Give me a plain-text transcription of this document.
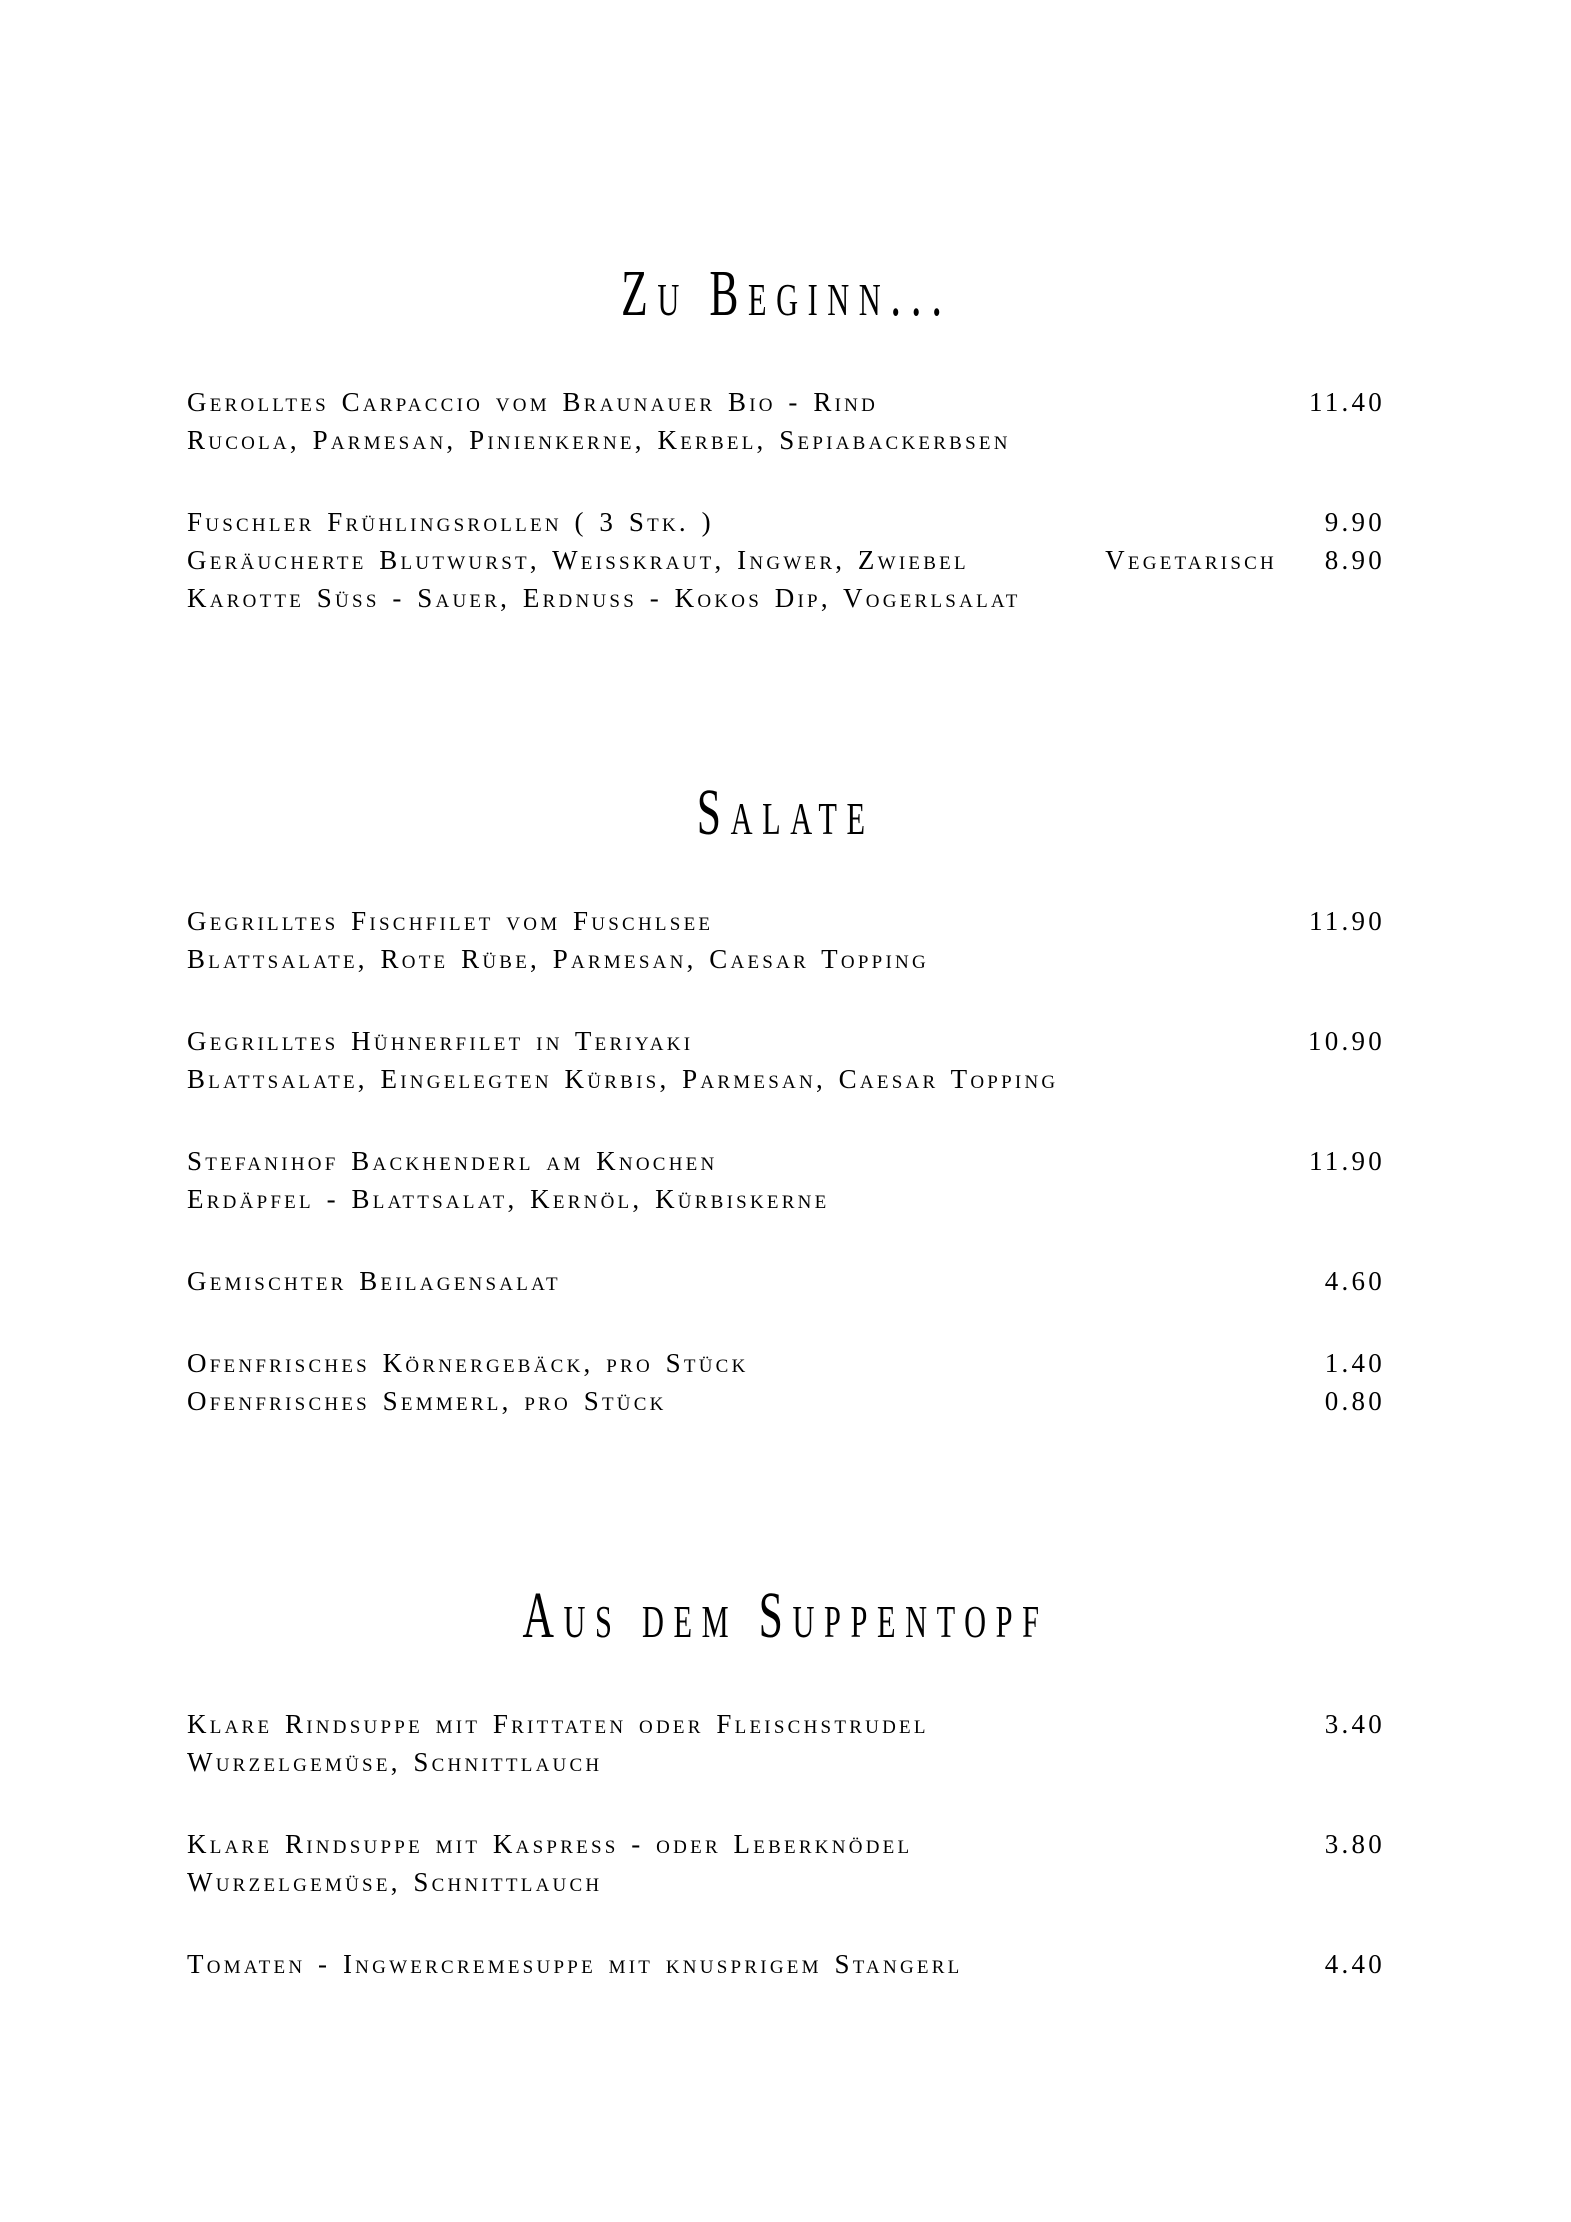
Zu Beginn...
Gerolltes Carpaccio vom Braunauer Bio - Rind	11.40
Rucola, Parmesan, Pinienkerne, Kerbel, Sepiabackerbsen
Fuschler Frühlingsrollen ( 3 Stk. )	9.90
Geräucherte Blutwurst, Weisskraut, Ingwer, Zwiebel	Vegetarisch	8.90
Karotte Süss - Sauer, Erdnuss - Kokos Dip, Vogerlsalat
Salate
Gegrilltes Fischfilet vom Fuschlsee	11.90
Blattsalate, Rote Rübe, Parmesan, Caesar Topping
Gegrilltes Hühnerfilet in Teriyaki	10.90
Blattsalate, Eingelegten Kürbis, Parmesan, Caesar Topping
Stefanihof Backhenderl am Knochen	11.90
Erdäpfel - Blattsalat, Kernöl, Kürbiskerne
Gemischter Beilagensalat	4.60
Ofenfrisches Körnergebäck, pro Stück	1.40
Ofenfrisches Semmerl, pro Stück	0.80
Aus dem Suppentopf
Klare Rindsuppe mit Frittaten oder Fleischstrudel	3.40
Wurzelgemüse, Schnittlauch
Klare Rindsuppe mit Kaspress - oder Leberknödel	3.80
Wurzelgemüse, Schnittlauch
Tomaten - Ingwercremesuppe mit knusprigem Stangerl	4.40
